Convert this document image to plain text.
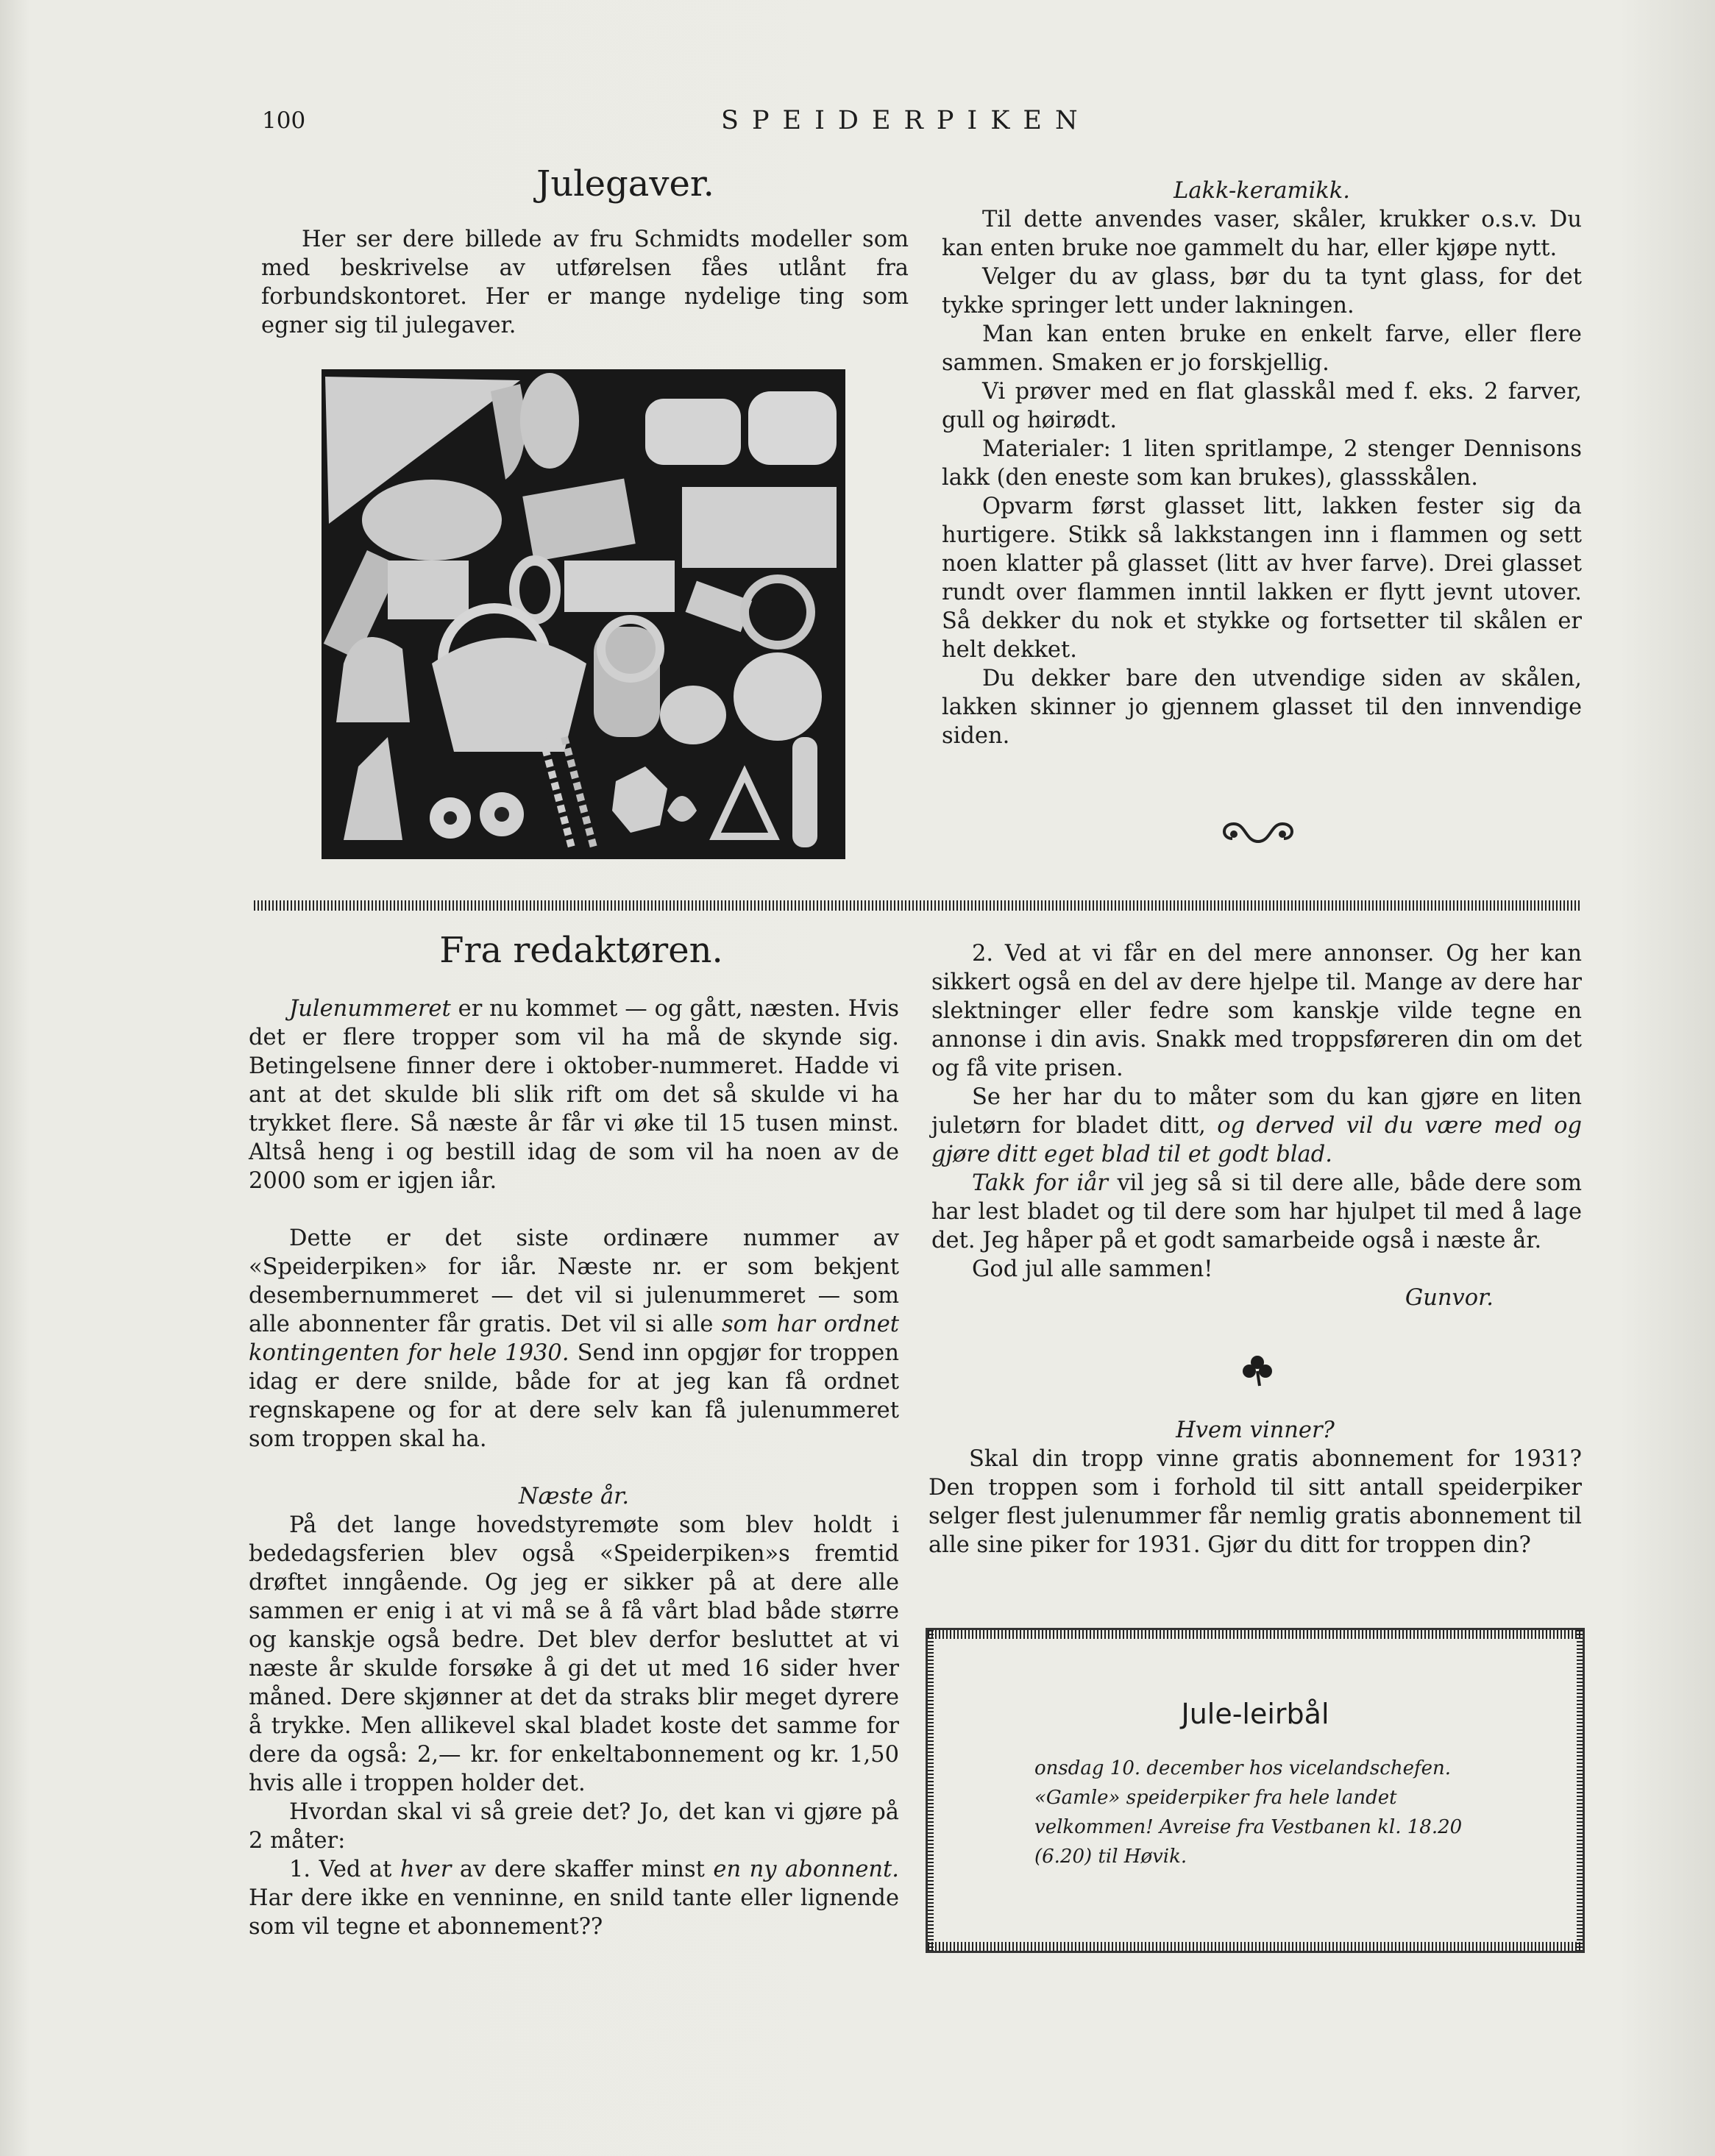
100	SPEIDERPIKEN
Julegaver.

Her ser dere billede av fru Schmidts modeller som med beskrivelse av utførelsen fåes utlånt fra forbundskontoret. Her er mange nydelige ting som egner sig til julegaver.

Lakk-keramikk.

Til dette anvendes vaser, skåler, krukker o.s.v. Du kan enten bruke noe gammelt du har, eller kjøpe nytt.

Velger du av glass, bør du ta tynt glass, for det tykke springer lett under lakningen.

Man kan enten bruke en enkelt farve, eller flere sammen. Smaken er jo forskjellig.

Vi prøver med en flat glasskål med f. eks. 2 farver, gull og høirødt.

Materialer: 1 liten spritlampe, 2 stenger Dennisons lakk (den eneste som kan brukes), glassskålen.

Opvarm først glasset litt, lakken fester sig da hurtigere. Stikk så lakkstangen inn i flammen og sett noen klatter på glasset (litt av hver farve). Drei glasset rundt over flammen inntil lakken er flytt jevnt utover. Så dekker du nok et stykke og fortsetter til skålen er helt dekket.

Du dekker bare den utvendige siden av skålen, lakken skinner jo gjennem glasset til den innvendige siden.

Fra redaktøren.

Julenummeret er nu kommet — og gått, næsten. Hvis det er flere tropper som vil ha må de skynde sig. Betingelsene finner dere i oktober-nummeret. Hadde vi ant at det skulde bli slik rift om det så skulde vi ha trykket flere. Så næste år får vi øke til 15 tusen minst. Altså heng i og bestill idag de som vil ha noen av de 2000 som er igjen iår.

Dette er det siste ordinære nummer av «Speiderpiken» for iår. Næste nr. er som bekjent desembernummeret — det vil si julenummeret — som alle abonnenter får gratis. Det vil si alle som har ordnet kontingenten for hele 1930. Send inn opgjør for troppen idag er dere snilde, både for at jeg kan få ordnet regnskapene og for at dere selv kan få julenummeret som troppen skal ha.

Næste år.

På det lange hovedstyremøte som blev holdt i bededagsferien blev også «Speiderpiken»s fremtid drøftet inngående. Og jeg er sikker på at dere alle sammen er enig i at vi må se å få vårt blad både større og kanskje også bedre. Det blev derfor besluttet at vi næste år skulde forsøke å gi det ut med 16 sider hver måned. Dere skjønner at det da straks blir meget dyrere å trykke. Men allikevel skal bladet koste det samme for dere da også: 2,— kr. for enkeltabonnement og kr. 1,50 hvis alle i troppen holder det.

Hvordan skal vi så greie det? Jo, det kan vi gjøre på 2 måter:

1. Ved at hver av dere skaffer minst en ny abonnent. Har dere ikke en venninne, en snild tante eller lignende som vil tegne et abonnement??

2. Ved at vi får en del mere annonser. Og her kan sikkert også en del av dere hjelpe til. Mange av dere har slektninger eller fedre som kanskje vilde tegne en annonse i din avis. Snakk med troppsføreren din om det og få vite prisen.

Se her har du to måter som du kan gjøre en liten juletørn for bladet ditt, og derved vil du være med og gjøre ditt eget blad til et godt blad.

Takk for iår vil jeg så si til dere alle, både dere som har lest bladet og til dere som har hjulpet til med å lage det. Jeg håper på et godt samarbeide også i næste år.

God jul alle sammen!

Gunvor.

Hvem vinner?

Skal din tropp vinne gratis abonnement for 1931? Den troppen som i forhold til sitt antall speiderpiker selger flest julenummer får nemlig gratis abonnement til alle sine piker for 1931. Gjør du ditt for troppen din?

Jule-leirbål
onsdag 10. december hos vicelandschefen. «Gamle» speiderpiker fra hele landet velkommen! Avreise fra Vestbanen kl. 18.20 (6.20) til Høvik.
